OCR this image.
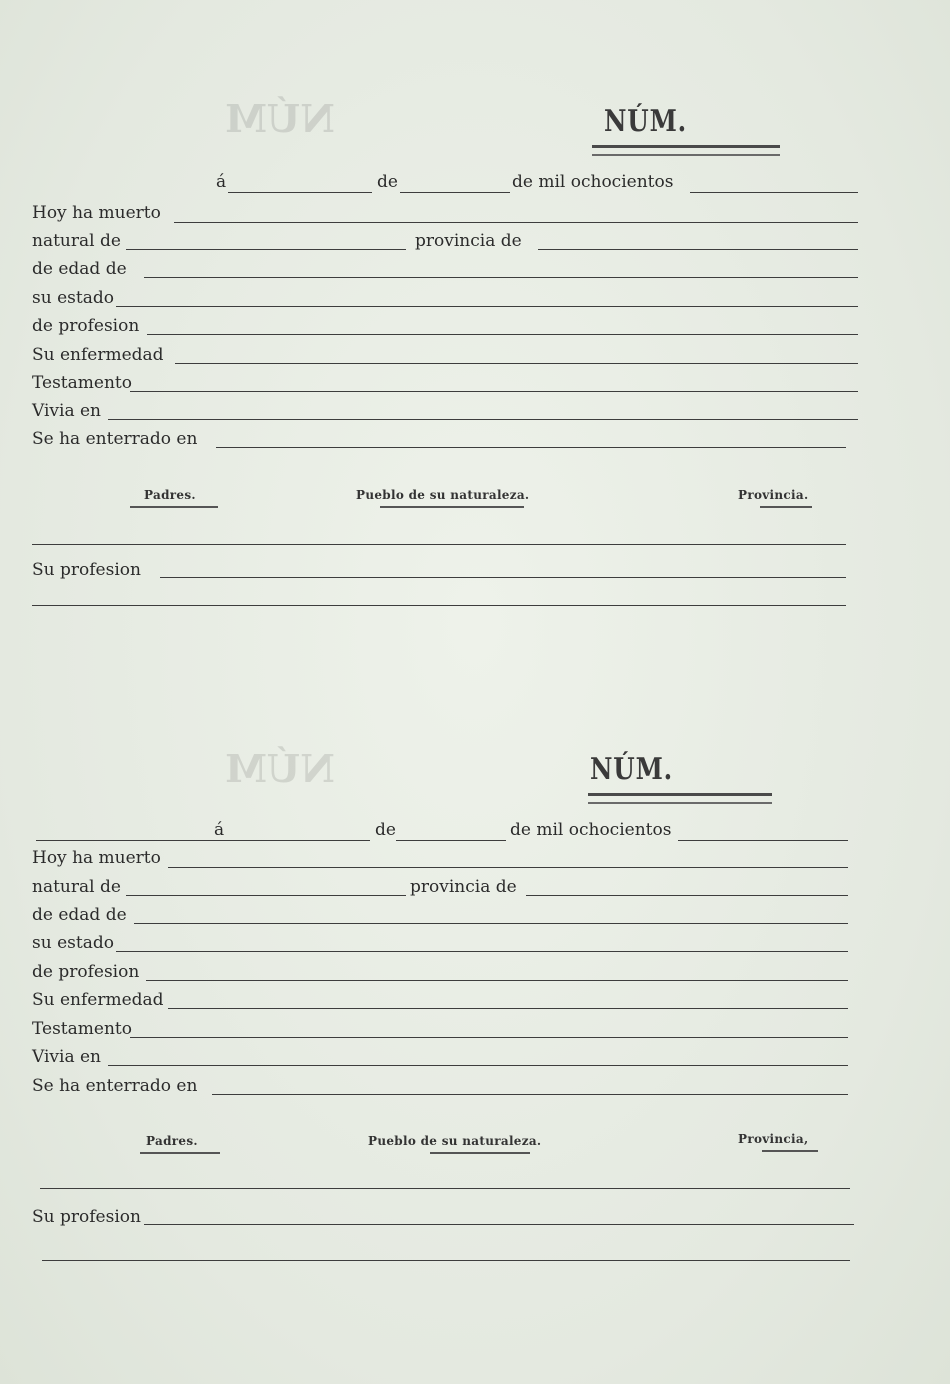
NÚM	NÚM.
á	de	de mil ochocientos
Hoy ha muerto
natural de	provincia de
de edad de
su estado
de profesion
Su enfermedad
Testamento
Vivia en
Se ha enterrado en
Padres.	Pueblo de su naturaleza.	Provincia.
Su profesion
NÚM	NÚM.
á	de	de mil ochocientos
Hoy ha muerto
natural de	provincia de
de edad de
su estado
de profesion
Su enfermedad
Testamento
Vivia en
Se ha enterrado en
Padres.	Pueblo de su naturaleza.	Provincia,
Su profesion
